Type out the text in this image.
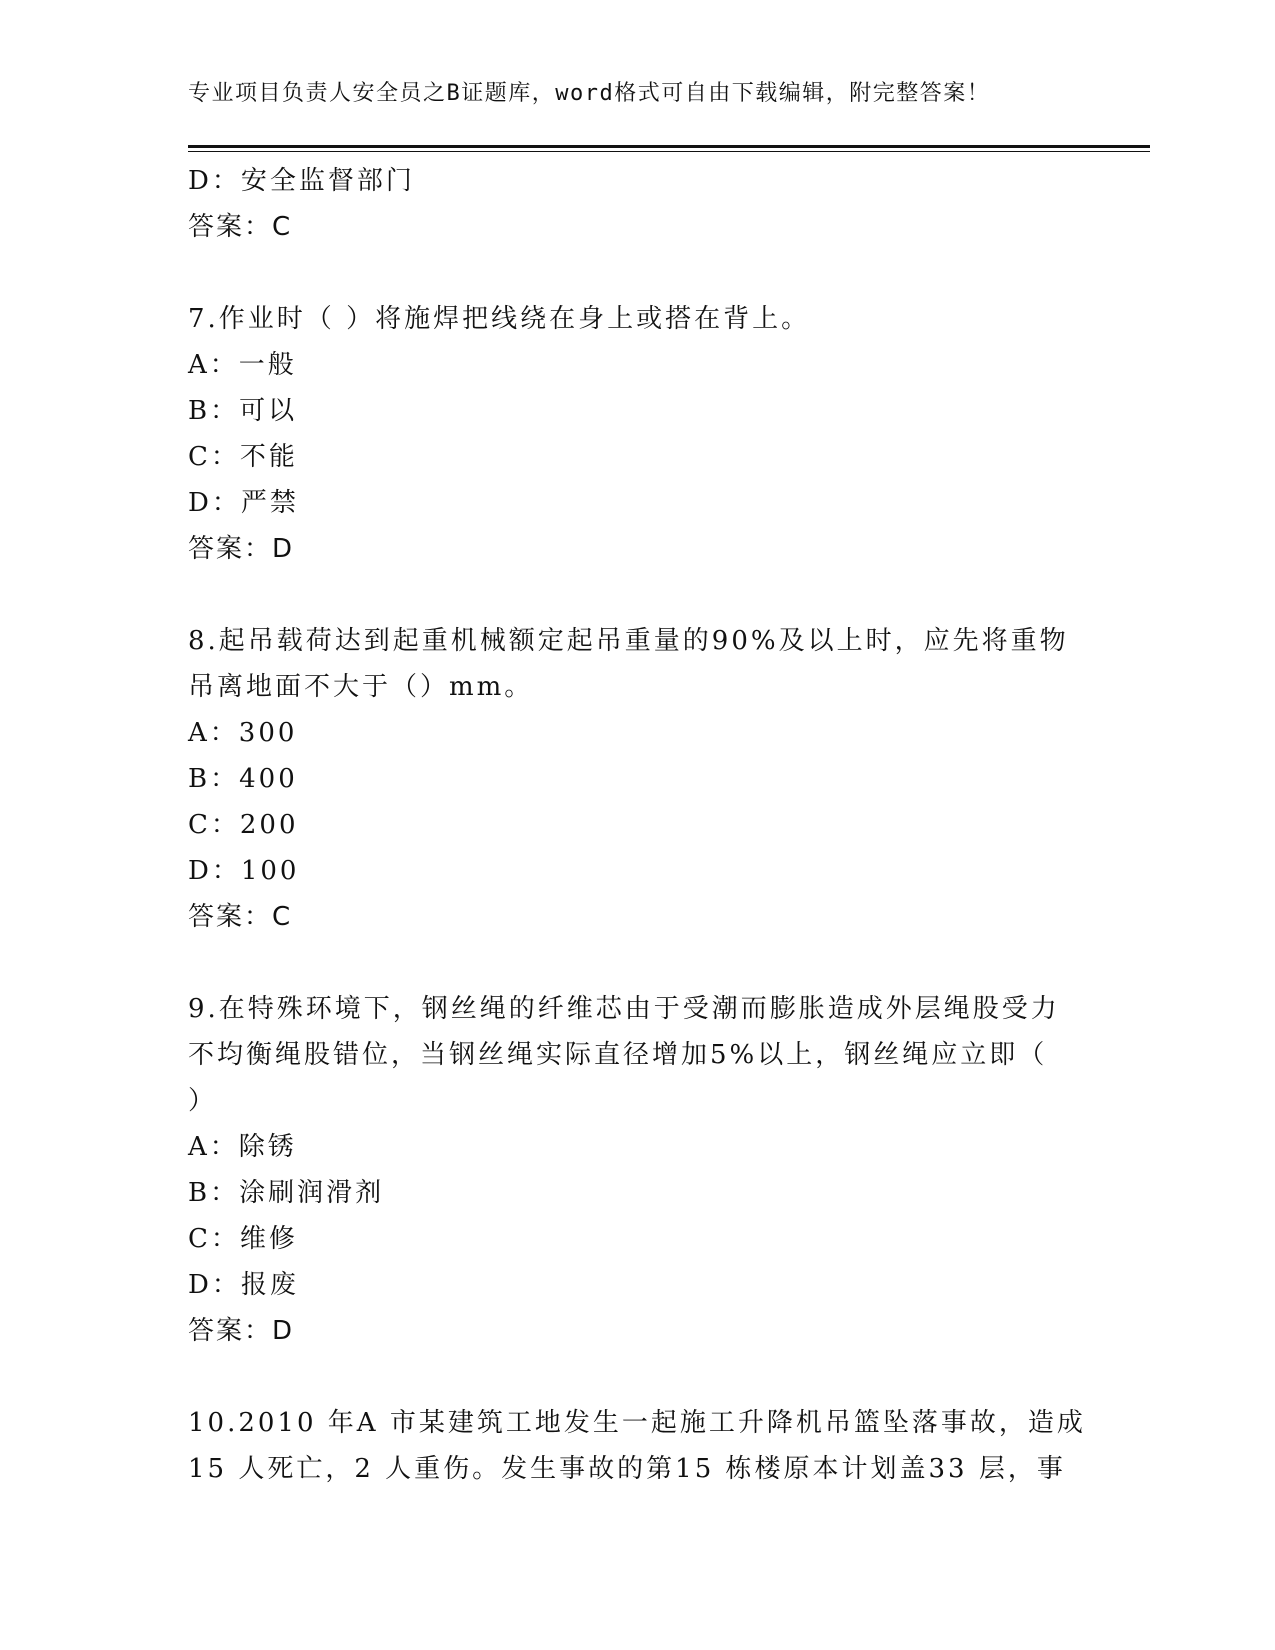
专业项目负责人安全员之B证题库，word格式可自由下载编辑，附完整答案！
D：安全监督部门
答案：C
7.作业时（ ）将施焊把线绕在身上或搭在背上。
A：一般
B：可以
C：不能
D：严禁
答案：D
8.起吊载荷达到起重机械额定起吊重量的90%及以上时，应先将重物
吊离地面不大于（）mm。
A：300
B：400
C：200
D：100
答案：C
9.在特殊环境下，钢丝绳的纤维芯由于受潮而膨胀造成外层绳股受力
不均衡绳股错位，当钢丝绳实际直径增加5%以上，钢丝绳应立即（
）
A：除锈
B：涂刷润滑剂
C：维修
D：报废
答案：D
10.2010 年A 市某建筑工地发生一起施工升降机吊篮坠落事故，造成
15 人死亡，2 人重伤。发生事故的第15 栋楼原本计划盖33 层，事
